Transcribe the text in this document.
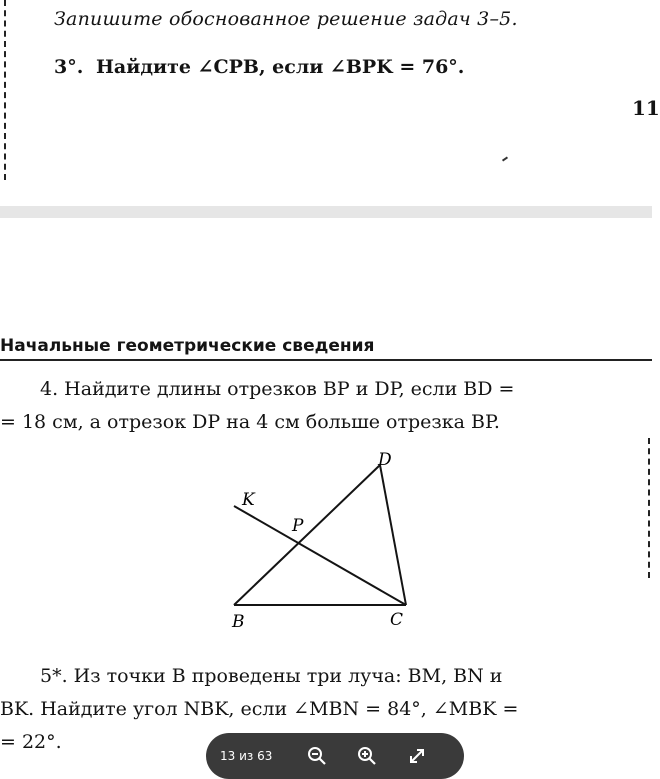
Запишите обоснованное решение задач 3–5.
3°. Найдите ∠CPB, если ∠BPK = 76°.
11
Начальные геометрические сведения
4. Найдите длины отрезков BP и DP, если BD =
= 18 см, а отрезок DP на 4 см больше отрезка BP.
K
P
D
B	C
5*. Из точки B проведены три луча: BM, BN и
BK. Найдите угол NBK, если ∠MBN = 84°, ∠MBK =
= 22°.
13 из 63
